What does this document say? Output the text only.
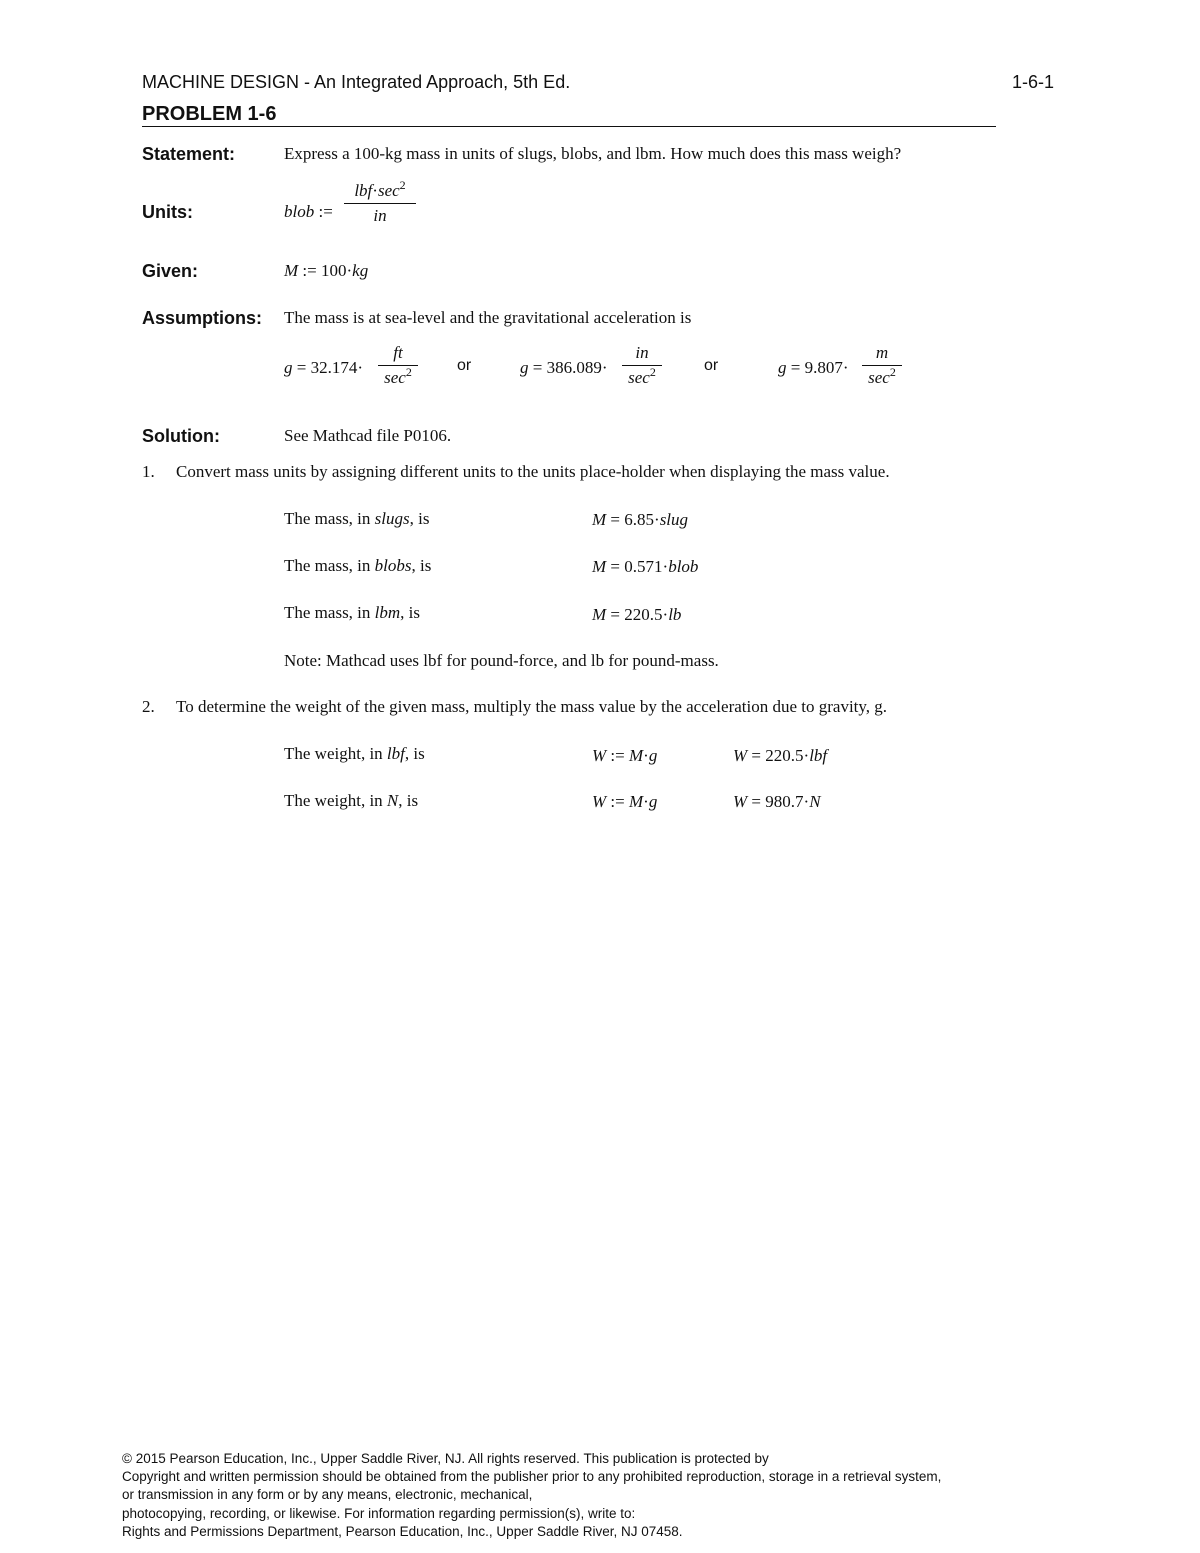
MACHINE DESIGN - An Integrated Approach, 5th Ed.	1-6-1
PROBLEM 1-6
Statement:	Express a 100-kg mass in units of slugs, blobs, and lbm. How much does this mass weigh?
Units:	blob :=
$lbf\cdot\sec^2$
in
Given:	M := 100·kg
Assumptions: The mass is at sea-level and the gravitational acceleration is
g = 32.174·
ft
$\sec^2$	or	g = 386.089·
in
$\sec^2$	or	g = 9.807·
m
$\sec^2$
Solution:	See Mathcad file P0106.
1. Convert mass units by assigning different units to the units place-holder when displaying the mass value.
The mass, in slugs, is	M = 6.85·slug
The mass, in blobs, is	M = 0.571·blob
The mass, in lbm, is	M = 220.5·lb
Note: Mathcad uses lbf for pound-force, and lb for pound-mass.
2. To determine the weight of the given mass, multiply the mass value by the acceleration due to gravity, g.
The weight, in lbf, is	W := M·g	W = 220.5·lbf
The weight, in N, is	W := M·g	W = 980.7·N
© 2015 Pearson Education, Inc., Upper Saddle River, NJ. All rights reserved. This publication is protected by
Copyright and written permission should be obtained from the publisher prior to any prohibited reproduction, storage in a retrieval system,
or transmission in any form or by any means, electronic, mechanical,
photocopying, recording, or likewise. For information regarding permission(s), write to:
Rights and Permissions Department, Pearson Education, Inc., Upper Saddle River, NJ 07458.
